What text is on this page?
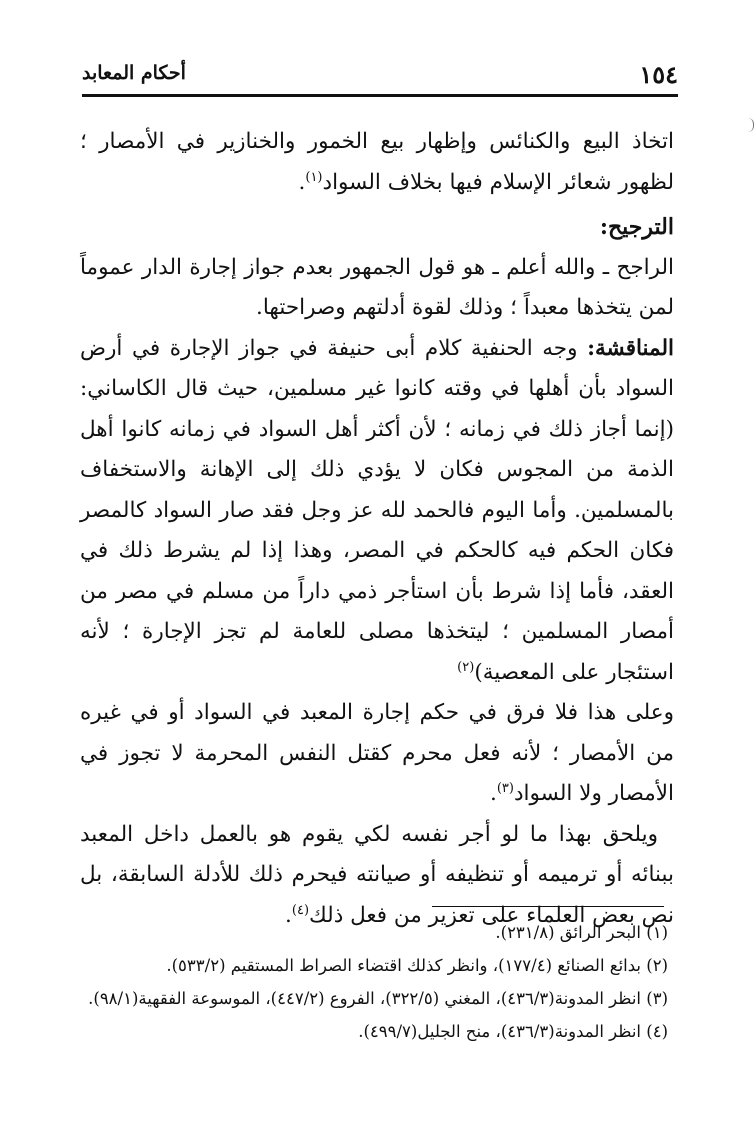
١٥٤
أحكام المعابد

اتخاذ البيع والكنائس وإظهار بيع الخمور والخنازير في الأمصار ؛ لظهور شعائر الإسلام فيها بخلاف السواد$^{(١)}$.

الترجيح:

الراجح ـ والله أعلم ـ هو قول الجمهور بعدم جواز إجارة الدار عموماً لمن يتخذها معبداً ؛ وذلك لقوة أدلتهم وصراحتها.

المناقشة: وجه الحنفية كلام أبى حنيفة في جواز الإجارة في أرض السواد بأن أهلها في وقته كانوا غير مسلمين، حيث قال الكاساني: (إنما أجاز ذلك في زمانه ؛ لأن أكثر أهل السواد في زمانه كانوا أهل الذمة من المجوس فكان لا يؤدي ذلك إلى الإهانة والاستخفاف بالمسلمين. وأما اليوم فالحمد لله عز وجل فقد صار السواد كالمصر فكان الحكم فيه كالحكم في المصر، وهذا إذا لم يشرط ذلك في العقد، فأما إذا شرط بأن استأجر ذمي داراً من مسلم في مصر من أمصار المسلمين ؛ ليتخذها مصلى للعامة لم تجز الإجارة ؛ لأنه استئجار على المعصية)$^{(٢)}$

وعلى هذا فلا فرق في حكم إجارة المعبد في السواد أو في غيره من الأمصار ؛ لأنه فعل محرم كقتل النفس المحرمة لا تجوز في الأمصار ولا السواد$^{(٣)}$.

ويلحق بهذا ما لو أجر نفسه لكي يقوم هو بالعمل داخل المعبد ببنائه أو ترميمه أو تنظيفه أو صيانته فيحرم ذلك للأدلة السابقة، بل نص بعض العلماء على تعزير من فعل ذلك$^{(٤)}$.

(١) البحر الرائق (٢٣١/٨).
(٢) بدائع الصنائع (١٧٧/٤)، وانظر كذلك اقتضاء الصراط المستقيم (٥٣٣/٢).
(٣) انظر المدونة(٤٣٦/٣)، المغني (٣٢٢/٥)، الفروع (٤٤٧/٢)، الموسوعة الفقهية(٩٨/١).
(٤) انظر المدونة(٤٣٦/٣)، منح الجليل(٤٩٩/٧).
